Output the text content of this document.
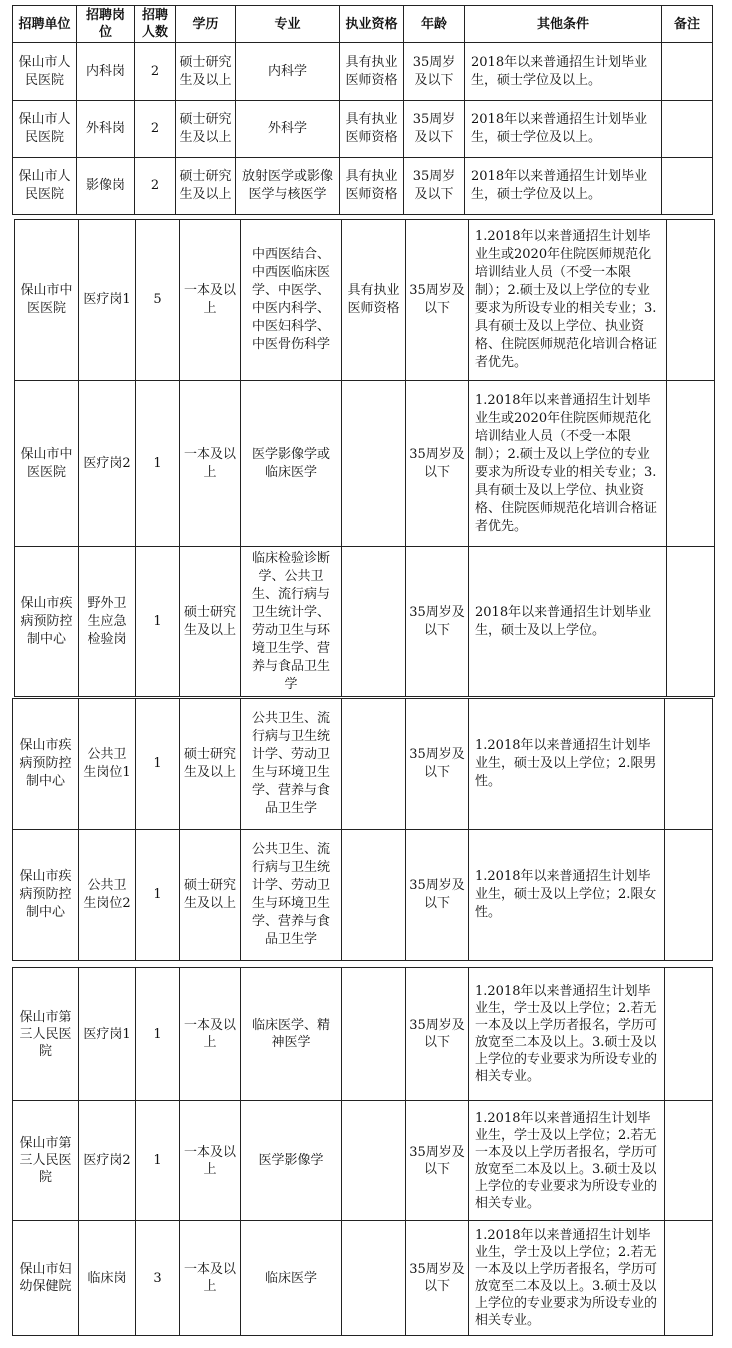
招聘单位	招聘岗位	招聘人数	学历	专业	执业资格	年龄	其他条件	备注
保山市人民医院	内科岗	2	硕士研究生及以上	内科学	具有执业医师资格	35周岁及以下	2018年以来普通招生计划毕业生，硕士学位及以上。	
保山市人民医院	外科岗	2	硕士研究生及以上	外科学	具有执业医师资格	35周岁及以下	2018年以来普通招生计划毕业生，硕士学位及以上。	
保山市人民医院	影像岗	2	硕士研究生及以上	放射医学或影像医学与核医学	具有执业医师资格	35周岁及以下	2018年以来普通招生计划毕业生，硕士学位及以上。	
保山市中医医院	医疗岗1	5	一本及以上	中西医结合、中西医临床医学、中医学、中医内科学、中医妇科学、中医骨伤科学	具有执业医师资格	35周岁及以下	1.2018年以来普通招生计划毕业生或2020年住院医师规范化培训结业人员（不受一本限制）；2.硕士及以上学位的专业要求为所设专业的相关专业；3.具有硕士及以上学位、执业资格、住院医师规范化培训合格证者优先。	
保山市中医医院	医疗岗2	1	一本及以上	医学影像学或临床医学		35周岁及以下	1.2018年以来普通招生计划毕业生或2020年住院医师规范化培训结业人员（不受一本限制）；2.硕士及以上学位的专业要求为所设专业的相关专业；3.具有硕士及以上学位、执业资格、住院医师规范化培训合格证者优先。	
保山市疾病预防控制中心	野外卫生应急检验岗	1	硕士研究生及以上	临床检验诊断学、公共卫生、流行病与卫生统计学、劳动卫生与环境卫生学、营养与食品卫生学		35周岁及以下	2018年以来普通招生计划毕业生，硕士及以上学位。	
保山市疾病预防控制中心	公共卫生岗位1	1	硕士研究生及以上	公共卫生、流行病与卫生统计学、劳动卫生与环境卫生学、营养与食品卫生学		35周岁及以下	1.2018年以来普通招生计划毕业生，硕士及以上学位；2.限男性。	
保山市疾病预防控制中心	公共卫生岗位2	1	硕士研究生及以上	公共卫生、流行病与卫生统计学、劳动卫生与环境卫生学、营养与食品卫生学		35周岁及以下	1.2018年以来普通招生计划毕业生，硕士及以上学位；2.限女性。	
保山市第三人民医院	医疗岗1	1	一本及以上	临床医学、精神医学		35周岁及以下	1.2018年以来普通招生计划毕业生，学士及以上学位；2.若无一本及以上学历者报名，学历可放宽至二本及以上。3.硕士及以上学位的专业要求为所设专业的相关专业。	
保山市第三人民医院	医疗岗2	1	一本及以上	医学影像学		35周岁及以下	1.2018年以来普通招生计划毕业生，学士及以上学位；2.若无一本及以上学历者报名，学历可放宽至二本及以上。3.硕士及以上学位的专业要求为所设专业的相关专业。	
保山市妇幼保健院	临床岗	3	一本及以上	临床医学		35周岁及以下	1.2018年以来普通招生计划毕业生，学士及以上学位；2.若无一本及以上学历者报名，学历可放宽至二本及以上。3.硕士及以上学位的专业要求为所设专业的相关专业。	
